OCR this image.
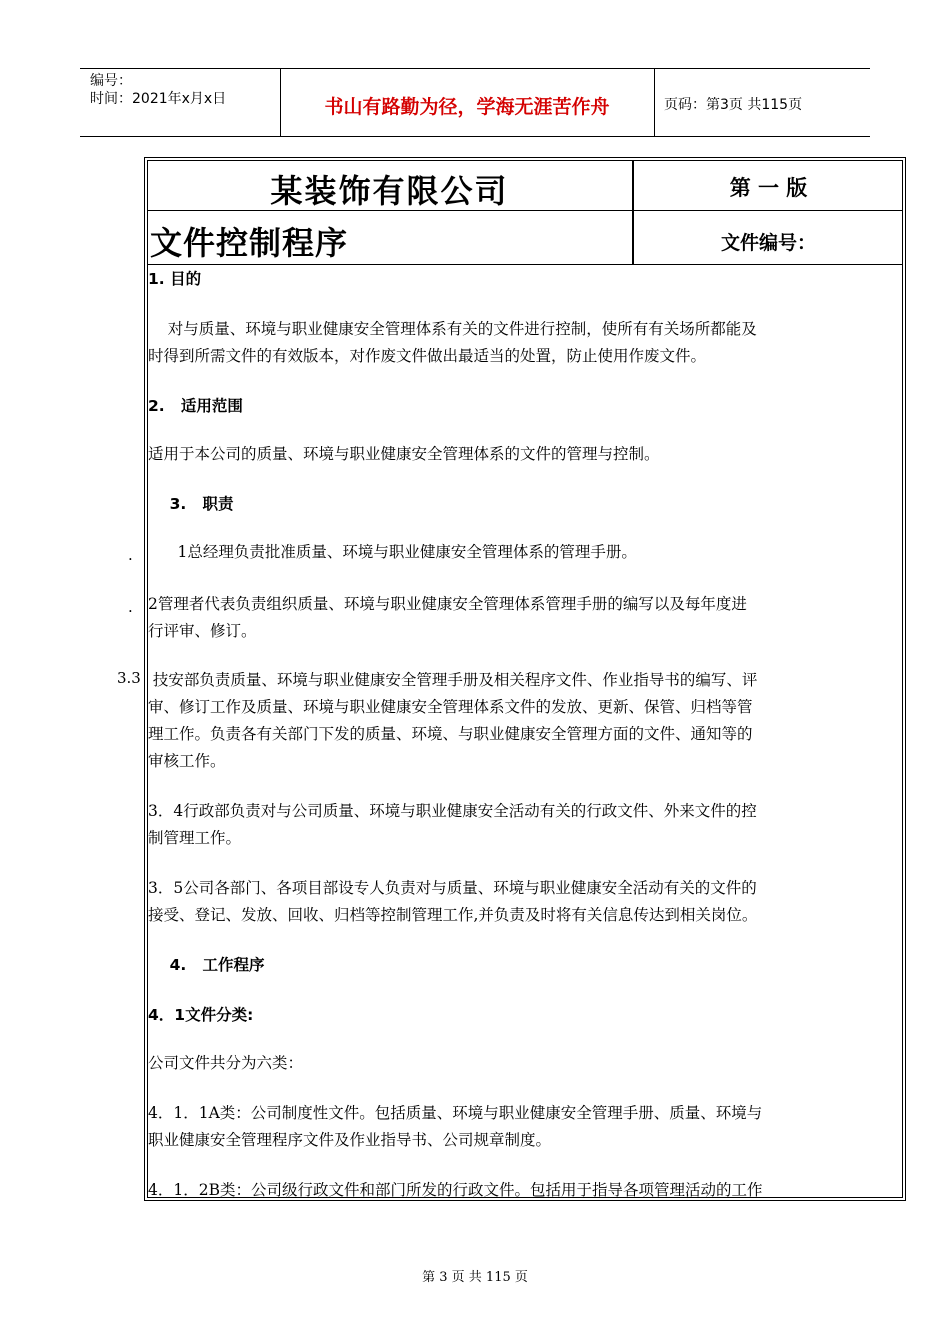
编号：
时间：2021年x月x日	书山有路勤为径，学海无涯苦作舟	页码：第3页 共115页
某装饰有限公司	第 一 版
文件控制程序	文件编号：
1. 目的
对与质量、环境与职业健康安全管理体系有关的文件进行控制，使所有有关场所都能及
时得到所需文件的有效版本，对作废文件做出最适当的处置，防止使用作废文件。
2.   适用范围
适用于本公司的质量、环境与职业健康安全管理体系的文件的管理与控制。
3.   职责
. 1总经理负责批准质量、环境与职业健康安全管理体系的管理手册。
. 2管理者代表负责组织质量、环境与职业健康安全管理体系管理手册的编写以及每年度进
行评审、修订。
3.3 技安部负责质量、环境与职业健康安全管理手册及相关程序文件、作业指导书的编写、评
审、修订工作及质量、环境与职业健康安全管理体系文件的发放、更新、保管、归档等管
理工作。负责各有关部门下发的质量、环境、与职业健康安全管理方面的文件、通知等的
审核工作。
3．4行政部负责对与公司质量、环境与职业健康安全活动有关的行政文件、外来文件的控
制管理工作。
3．5公司各部门、各项目部设专人负责对与质量、环境与职业健康安全活动有关的文件的
接受、登记、发放、回收、归档等控制管理工作,并负责及时将有关信息传达到相关岗位。
4.   工作程序
4．1文件分类:
公司文件共分为六类：
4．1．1A类：公司制度性文件。包括质量、环境与职业健康安全管理手册、质量、环境与
职业健康安全管理程序文件及作业指导书、公司规章制度。
4．1．2B类：公司级行政文件和部门所发的行政文件。包括用于指导各项管理活动的工作
第 3 页 共 115 页
